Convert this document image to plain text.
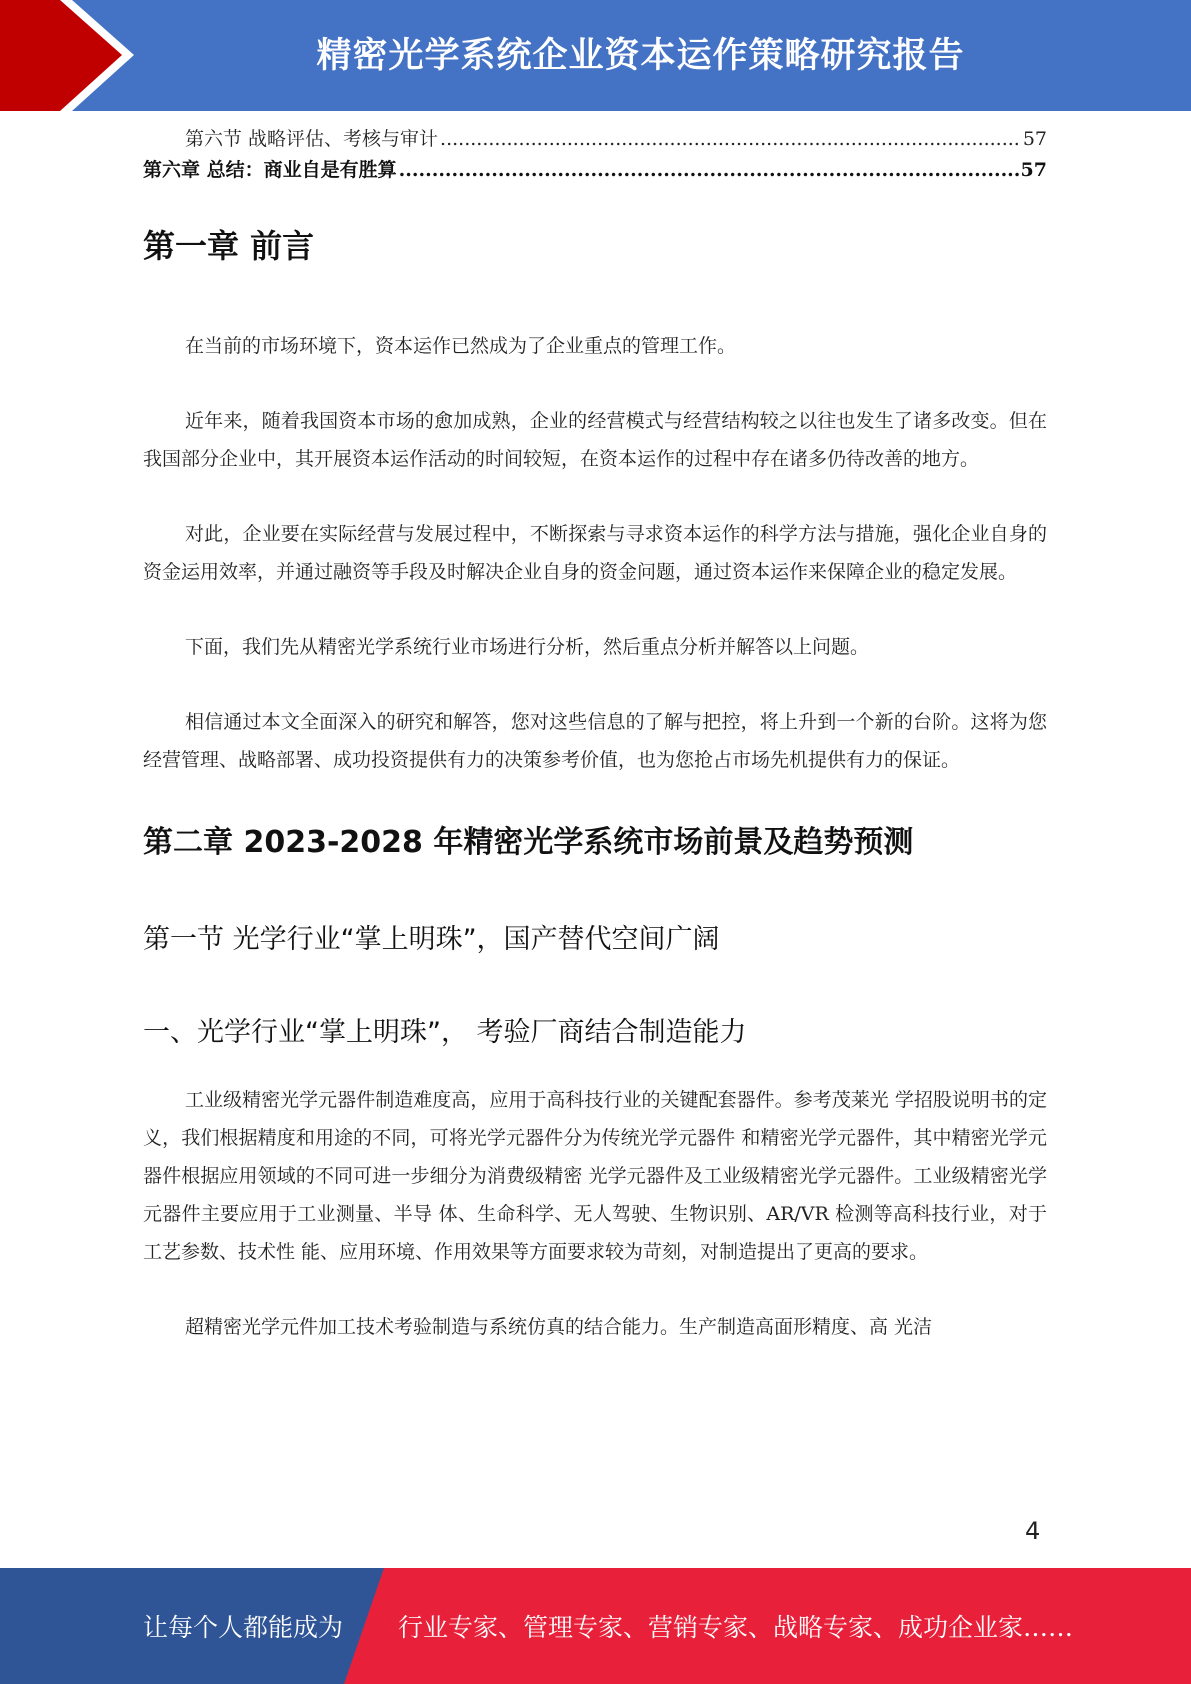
精密光学系统企业资本运作策略研究报告
第六节 战略评估、考核与审计 .....	57
第六章 总结：商业自是有胜算 .....	57
第一章 前言

在当前的市场环境下，资本运作已然成为了企业重点的管理工作。

近年来，随着我国资本市场的愈加成熟，企业的经营模式与经营结构较之以往也发生了诸多改变。但在我国部分企业中，其开展资本运作活动的时间较短，在资本运作的过程中存在诸多仍待改善的地方。

对此，企业要在实际经营与发展过程中，不断探索与寻求资本运作的科学方法与措施，强化企业自身的资金运用效率，并通过融资等手段及时解决企业自身的资金问题，通过资本运作来保障企业的稳定发展。

下面，我们先从精密光学系统行业市场进行分析，然后重点分析并解答以上问题。

相信通过本文全面深入的研究和解答，您对这些信息的了解与把控，将上升到一个新的台阶。这将为您经营管理、战略部署、成功投资提供有力的决策参考价值，也为您抢占市场先机提供有力的保证。

第二章 2023-2028 年精密光学系统市场前景及趋势预测
第一节 光学行业“掌上明珠”，国产替代空间广阔
一、光学行业“掌上明珠”， 考验厂商结合制造能力

工业级精密光学元器件制造难度高，应用于高科技行业的关键配套器件。参考茂莱光 学招股说明书的定义，我们根据精度和用途的不同，可将光学元器件分为传统光学元器件 和精密光学元器件，其中精密光学元器件根据应用领域的不同可进一步细分为消费级精密 光学元器件及工业级精密光学元器件。工业级精密光学元器件主要应用于工业测量、半导 体、生命科学、无人驾驶、生物识别、AR/VR 检测等高科技行业，对于工艺参数、技术性 能、应用环境、作用效果等方面要求较为苛刻，对制造提出了更高的要求。

超精密光学元件加工技术考验制造与系统仿真的结合能力。生产制造高面形精度、高 光洁

4
让每个人都能成为 行业专家、管理专家、营销专家、战略专家、成功企业家……
